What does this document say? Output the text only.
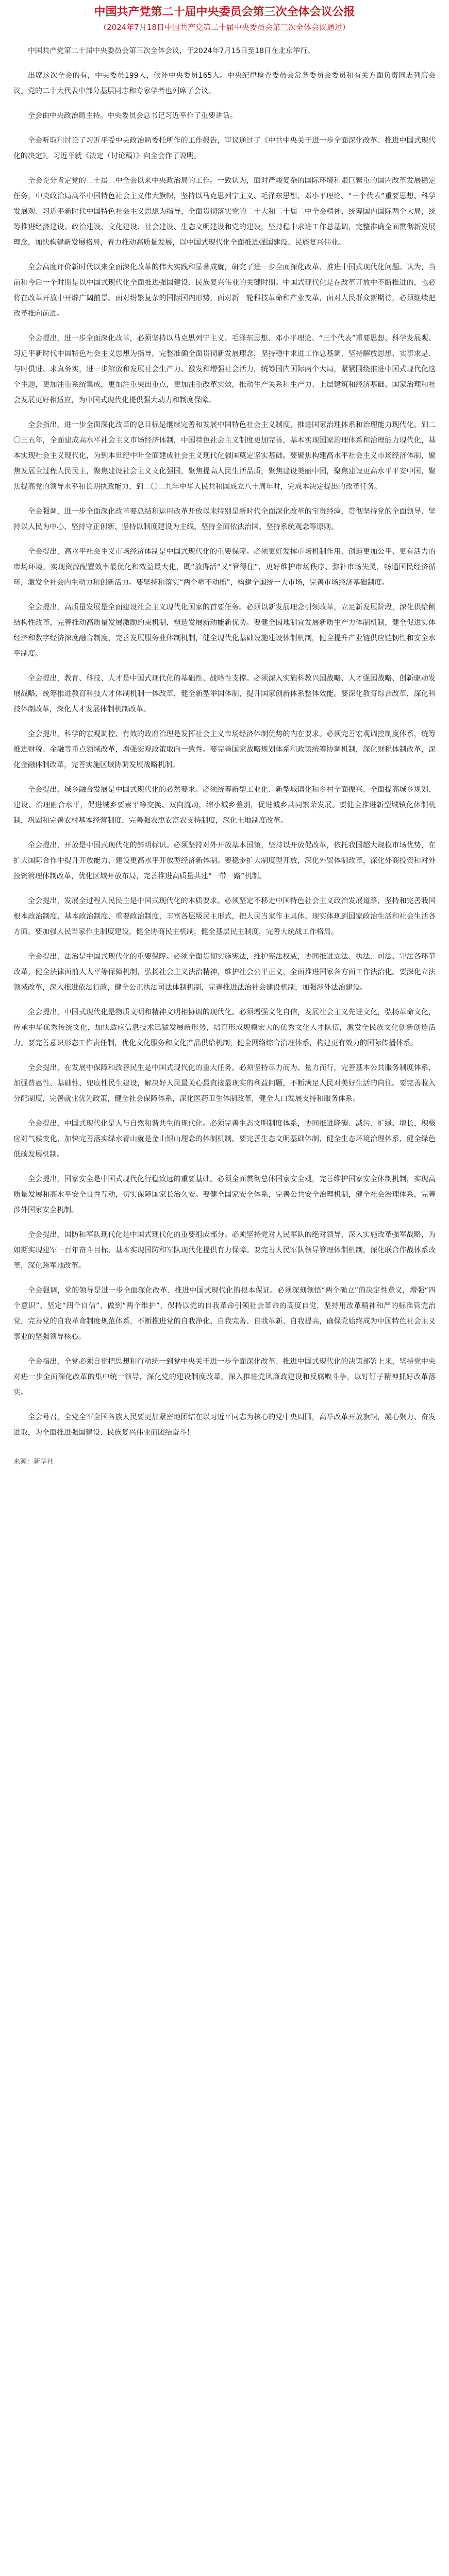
中国共产党第二十届中央委员会第三次全体会议公报

（2024年7月18日中国共产党第二十届中央委员会第三次全体会议通过）

中国共产党第二十届中央委员会第三次全体会议，于2024年7月15日至18日在北京举行。

出席这次全会的有，中央委员199人，候补中央委员165人。中央纪律检查委员会常务委员会委员和有关方面负责同志列席会议。党的二十大代表中部分基层同志和专家学者也列席了会议。

全会由中央政治局主持。中央委员会总书记习近平作了重要讲话。

全会听取和讨论了习近平受中央政治局委托所作的工作报告，审议通过了《中共中央关于进一步全面深化改革、推进中国式现代化的决定》。习近平就《决定（讨论稿）》向全会作了说明。

全会充分肯定党的二十届二中全会以来中央政治局的工作。一致认为，面对严峻复杂的国际环境和艰巨繁重的国内改革发展稳定任务，中央政治局高举中国特色社会主义伟大旗帜，坚持以马克思列宁主义、毛泽东思想、邓小平理论、“三个代表”重要思想、科学发展观、习近平新时代中国特色社会主义思想为指导，全面贯彻落实党的二十大和二十届二中全会精神，统筹国内国际两个大局，统筹推进经济建设、政治建设、文化建设、社会建设、生态文明建设和党的建设，坚持稳中求进工作总基调，完整准确全面贯彻新发展理念，加快构建新发展格局，着力推动高质量发展，以中国式现代化全面推进强国建设、民族复兴伟业。

全会高度评价新时代以来全面深化改革的伟大实践和显著成就，研究了进一步全面深化改革、推进中国式现代化问题。认为，当前和今后一个时期是以中国式现代化全面推进强国建设、民族复兴伟业的关键时期。中国式现代化是在改革开放中不断推进的，也必将在改革开放中开辟广阔前景。面对纷繁复杂的国际国内形势，面对新一轮科技革命和产业变革，面对人民群众新期待，必须继续把改革推向前进。

全会提出，进一步全面深化改革，必须坚持以马克思列宁主义、毛泽东思想、邓小平理论、“三个代表”重要思想、科学发展观、习近平新时代中国特色社会主义思想为指导，完整准确全面贯彻新发展理念，坚持稳中求进工作总基调，坚持解放思想、实事求是、与时俱进、求真务实，进一步解放和发展社会生产力、激发和增强社会活力，统筹国内国际两个大局，紧紧围绕推进中国式现代化这个主题，更加注重系统集成，更加注重突出重点，更加注重改革实效，推动生产关系和生产力、上层建筑和经济基础、国家治理和社会发展更好相适应，为中国式现代化提供强大动力和制度保障。

全会指出，进一步全面深化改革的总目标是继续完善和发展中国特色社会主义制度，推进国家治理体系和治理能力现代化。到二〇三五年，全面建成高水平社会主义市场经济体制，中国特色社会主义制度更加完善，基本实现国家治理体系和治理能力现代化，基本实现社会主义现代化，为到本世纪中叶全面建成社会主义现代化强国奠定坚实基础。要聚焦构建高水平社会主义市场经济体制，聚焦发展全过程人民民主，聚焦建设社会主义文化强国，聚焦提高人民生活品质，聚焦建设美丽中国，聚焦建设更高水平平安中国，聚焦提高党的领导水平和长期执政能力，到二〇二九年中华人民共和国成立八十周年时，完成本决定提出的改革任务。

全会强调，进一步全面深化改革要总结和运用改革开放以来特别是新时代全面深化改革的宝贵经验，贯彻坚持党的全面领导、坚持以人民为中心、坚持守正创新、坚持以制度建设为主线、坚持全面依法治国、坚持系统观念等原则。

全会提出，高水平社会主义市场经济体制是中国式现代化的重要保障。必须更好发挥市场机制作用，创造更加公平、更有活力的市场环境，实现资源配置效率最优化和效益最大化，既“放得活”又“管得住”，更好维护市场秩序、弥补市场失灵，畅通国民经济循环，激发全社会内生动力和创新活力。要坚持和落实“两个毫不动摇”，构建全国统一大市场，完善市场经济基础制度。

全会提出，高质量发展是全面建设社会主义现代化国家的首要任务。必须以新发展理念引领改革，立足新发展阶段，深化供给侧结构性改革，完善推动高质量发展激励约束机制，塑造发展新动能新优势。要健全因地制宜发展新质生产力体制机制，健全促进实体经济和数字经济深度融合制度，完善发展服务业体制机制，健全现代化基础设施建设体制机制，健全提升产业链供应链韧性和安全水平制度。

全会提出，教育、科技、人才是中国式现代化的基础性、战略性支撑。必须深入实施科教兴国战略、人才强国战略、创新驱动发展战略，统筹推进教育科技人才体制机制一体改革，健全新型举国体制，提升国家创新体系整体效能。要深化教育综合改革，深化科技体制改革，深化人才发展体制机制改革。

全会提出，科学的宏观调控、有效的政府治理是发挥社会主义市场经济体制优势的内在要求。必须完善宏观调控制度体系，统筹推进财税、金融等重点领域改革，增强宏观政策取向一致性。要完善国家战略规划体系和政策统筹协调机制，深化财税体制改革，深化金融体制改革，完善实施区域协调发展战略机制。

全会提出，城乡融合发展是中国式现代化的必然要求。必须统筹新型工业化、新型城镇化和乡村全面振兴，全面提高城乡规划、建设、治理融合水平，促进城乡要素平等交换、双向流动，缩小城乡差别，促进城乡共同繁荣发展。要健全推进新型城镇化体制机制，巩固和完善农村基本经营制度，完善强农惠农富农支持制度，深化土地制度改革。

全会提出，开放是中国式现代化的鲜明标识。必须坚持对外开放基本国策，坚持以开放促改革，依托我国超大规模市场优势，在扩大国际合作中提升开放能力，建设更高水平开放型经济新体制。要稳步扩大制度型开放，深化外贸体制改革，深化外商投资和对外投资管理体制改革，优化区域开放布局，完善推进高质量共建“一带一路”机制。

全会提出，发展全过程人民民主是中国式现代化的本质要求。必须坚定不移走中国特色社会主义政治发展道路，坚持和完善我国根本政治制度、基本政治制度、重要政治制度，丰富各层级民主形式，把人民当家作主具体、现实体现到国家政治生活和社会生活各方面。要加强人民当家作主制度建设，健全协商民主机制，健全基层民主制度，完善大统战工作格局。

全会提出，法治是中国式现代化的重要保障。必须全面贯彻实施宪法，维护宪法权威，协同推进立法、执法、司法、守法各环节改革，健全法律面前人人平等保障机制，弘扬社会主义法治精神，维护社会公平正义，全面推进国家各方面工作法治化。要深化立法领域改革，深入推进依法行政，健全公正执法司法体制机制，完善推进法治社会建设机制，加强涉外法治建设。

全会提出，中国式现代化是物质文明和精神文明相协调的现代化。必须增强文化自信，发展社会主义先进文化，弘扬革命文化，传承中华优秀传统文化，加快适应信息技术迅猛发展新形势，培育形成规模宏大的优秀文化人才队伍，激发全民族文化创新创造活力。要完善意识形态工作责任制，优化文化服务和文化产品供给机制，健全网络综合治理体系，构建更有效力的国际传播体系。

全会提出，在发展中保障和改善民生是中国式现代化的重大任务。必须坚持尽力而为、量力而行，完善基本公共服务制度体系，加强普惠性、基础性、兜底性民生建设，解决好人民最关心最直接最现实的利益问题，不断满足人民对美好生活的向往。要完善收入分配制度，完善就业优先政策，健全社会保障体系，深化医药卫生体制改革，健全人口发展支持和服务体系。

全会提出，中国式现代化是人与自然和谐共生的现代化。必须完善生态文明制度体系，协同推进降碳、减污、扩绿、增长，积极应对气候变化，加快完善落实绿水青山就是金山银山理念的体制机制。要完善生态文明基础体制，健全生态环境治理体系，健全绿色低碳发展机制。

全会提出，国家安全是中国式现代化行稳致远的重要基础。必须全面贯彻总体国家安全观，完善维护国家安全体制机制，实现高质量发展和高水平安全良性互动，切实保障国家长治久安。要健全国家安全体系，完善公共安全治理机制，健全社会治理体系，完善涉外国家安全机制。

全会提出，国防和军队现代化是中国式现代化的重要组成部分。必须坚持党对人民军队的绝对领导，深入实施改革强军战略，为如期实现建军一百年奋斗目标、基本实现国防和军队现代化提供有力保障。要完善人民军队领导管理体制机制，深化联合作战体系改革，深化跨军地改革。

全会强调，党的领导是进一步全面深化改革、推进中国式现代化的根本保证。必须深刻领悟“两个确立”的决定性意义，增强“四个意识”、坚定“四个自信”、做到“两个维护”，保持以党的自我革命引领社会革命的高度自觉，坚持用改革精神和严的标准管党治党，完善党的自我革命制度规范体系，不断推进党的自我净化、自我完善、自我革新、自我提高，确保党始终成为中国特色社会主义事业的坚强领导核心。

全会指出，全党必须自觉把思想和行动统一到党中央关于进一步全面深化改革、推进中国式现代化的决策部署上来，坚持党中央对进一步全面深化改革的集中统一领导，深化党的建设制度改革，深入推进党风廉政建设和反腐败斗争，以钉钉子精神抓好改革落实。

全会号召，全党全军全国各族人民要更加紧密地团结在以习近平同志为核心的党中央周围，高举改革开放旗帜，凝心聚力、奋发进取，为全面推进强国建设、民族复兴伟业而团结奋斗！

来源：新华社
